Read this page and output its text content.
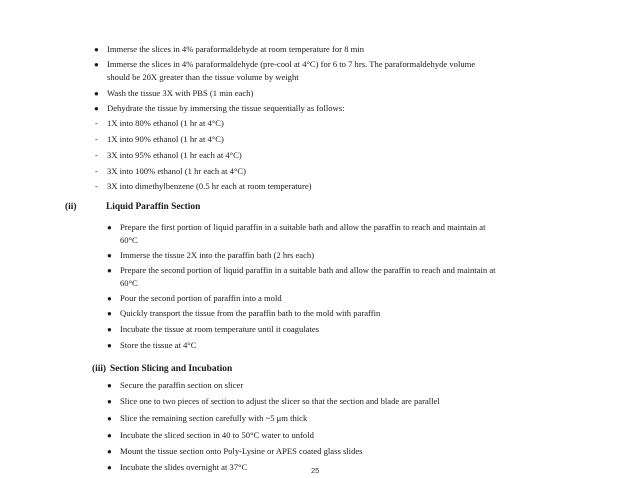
● Immerse the slices in 4% paraformaldehyde at room temperature for 8 min
● Immerse the slices in 4% paraformaldehyde (pre-cool at 4°C) for 6 to 7 hrs. The paraformaldehyde volume
should be 20X greater than the tissue volume by weight
● Wash the tissue 3X with PBS (1 min each)
● Dehydrate the tissue by immersing the tissue sequentially as follows:
- 1X into 80% ethanol (1 hr at 4°C)
- 1X into 90% ethanol (1 hr at 4°C)
- 3X into 95% ethanol (1 hr each at 4°C)
- 3X into 100% ethanol (1 hr each at 4°C)
- 3X into dimethylbenzene (0.5 hr each at room temperature)
(ii)	Liquid Paraffin Section
● Prepare the first portion of liquid paraffin in a suitable bath and allow the paraffin to reach and maintain at
60°C
● Immerse the tissue 2X into the paraffin bath (2 hrs each)
● Prepare the second portion of liquid paraffin in a suitable bath and allow the paraffin to reach and maintain at
60°C
● Pour the second portion of paraffin into a mold
● Quickly transport the tissue from the paraffin bath to the mold with paraffin
● Incubate the tissue at room temperature until it coagulates
● Store the tissue at 4°C
(iii) Section Slicing and Incubation
● Secure the paraffin section on slicer
● Slice one to two pieces of section to adjust the slicer so that the section and blade are parallel
● Slice the remaining section carefully with ~5 μm thick
● Incubate the sliced section in 40 to 50°C water to unfold
● Mount the tissue section onto Poly-Lysine or APES coated glass slides
● Incubate the slides overnight at 37°C	25
